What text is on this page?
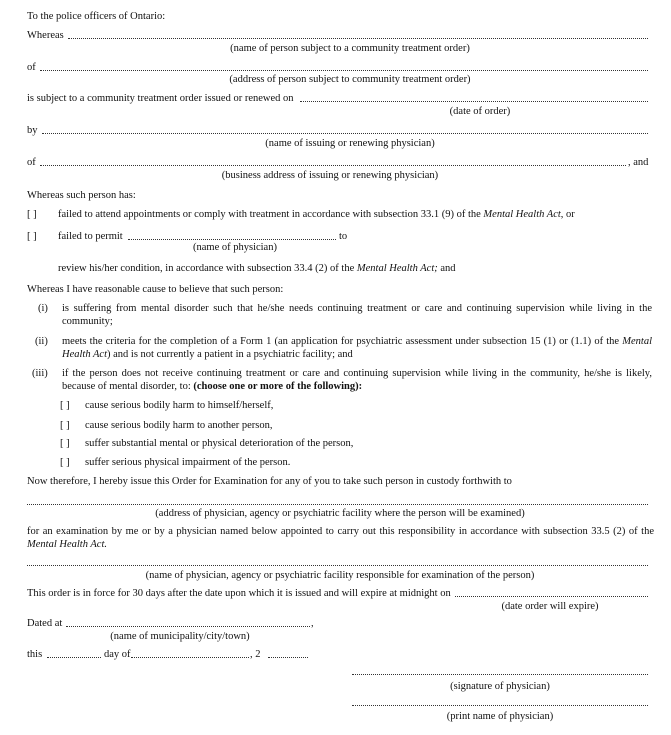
To the police officers of Ontario:
Whereas
(name of person subject to a community treatment order)
of
(address of person subject to community treatment order)
is subject to a community treatment order issued or renewed on
(date of order)
by
(name of issuing or renewing physician)
of	, and
(business address of issuing or renewing physician)
Whereas such person has:
[ ] failed to attend appointments or comply with treatment in accordance with subsection 33.1 (9) of the Mental Health Act, or
[ ] failed to permit	to
(name of physician)
review his/her condition, in accordance with subsection 33.4 (2) of the Mental Health Act; and
Whereas I have reasonable cause to believe that such person:
(i) is suffering from mental disorder such that he/she needs continuing treatment or care and continuing supervision while living in the community;
(ii) meets the criteria for the completion of a Form 1 (an application for psychiatric assessment under subsection 15 (1) or (1.1) of the Mental Health Act) and is not currently a patient in a psychiatric facility; and
(iii) if the person does not receive continuing treatment or care and continuing supervision while living in the community, he/she is likely, because of mental disorder, to: (choose one or more of the following):
[ ] cause serious bodily harm to himself/herself,
[ ] cause serious bodily harm to another person,
[ ] suffer substantial mental or physical deterioration of the person,
[ ] suffer serious physical impairment of the person.
Now therefore, I hereby issue this Order for Examination for any of you to take such person in custody forthwith to
(address of physician, agency or psychiatric facility where the person will be examined)
for an examination by me or by a physician named below appointed to carry out this responsibility in accordance with subsection 33.5 (2) of the Mental Health Act.
(name of physician, agency or psychiatric facility responsible for examination of the person)
This order is in force for 30 days after the date upon which it is issued and will expire at midnight on
(date order will expire)
Dated at	,
(name of municipality/city/town)
this	day of	, 2
(signature of physician)
(print name of physician)
